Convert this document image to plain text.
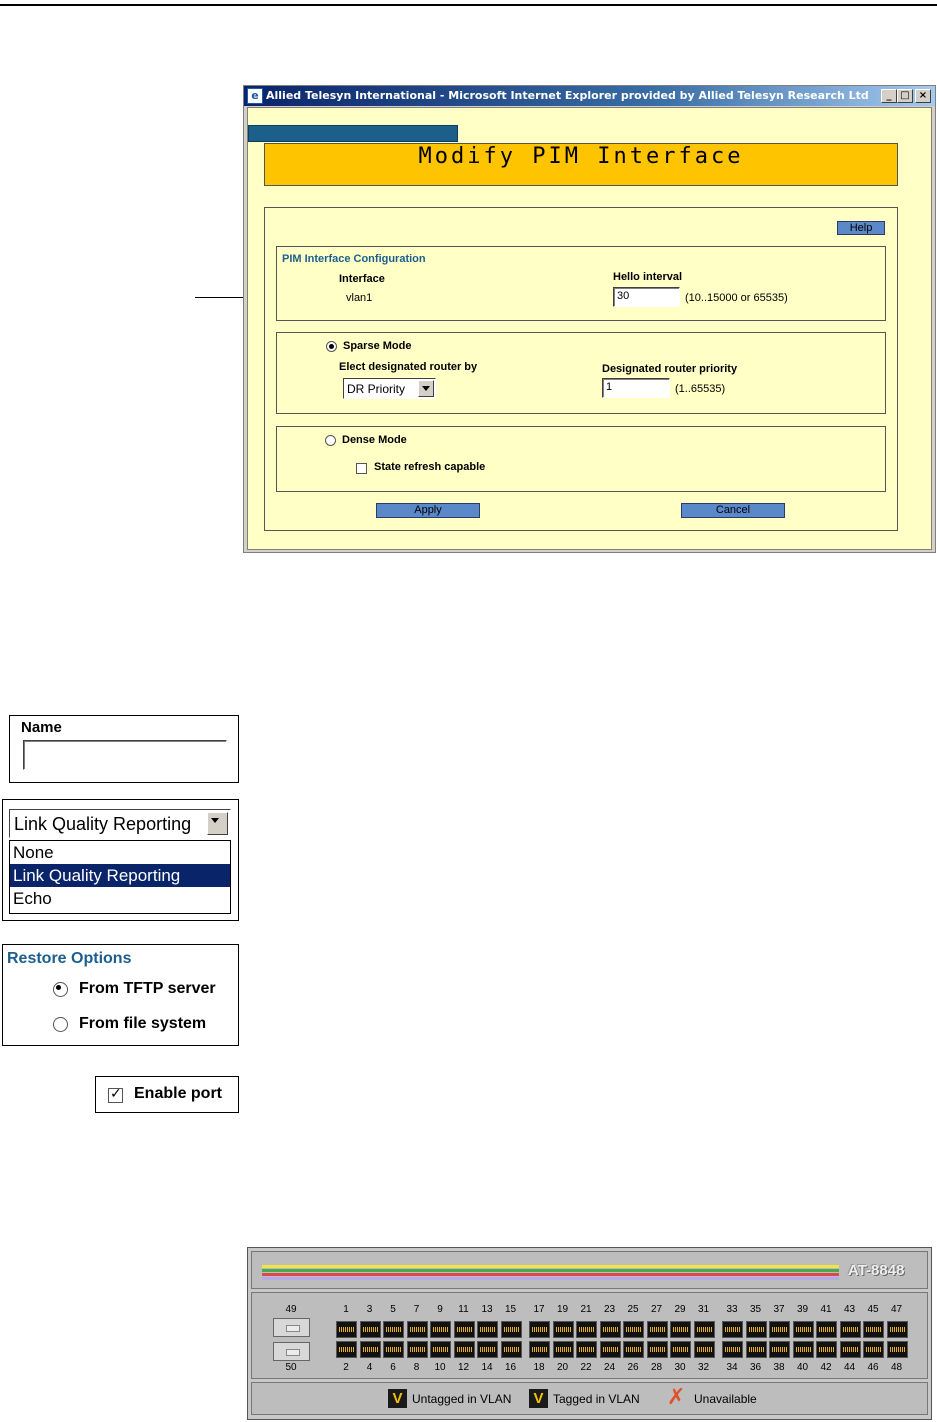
e Allied Telesyn International - Microsoft Internet Explorer provided by Allied Telesyn Research Ltd	_ □ ×
Modify PIM Interface
Help
PIM Interface Configuration
Interface
vlan1
Hello interval
30	(10..15000 or 65535)
Sparse Mode
Elect designated router by
DR Priority
Designated router priority
1	(1..65535)
Dense Mode
State refresh capable
Apply	Cancel
Name
Link Quality Reporting
None
Link Quality Reporting
Echo
Restore Options
From TFTP server
From file system
✓ Enable port
AT-8848
49
50
1
2
3
4
5
6
7
8
9
10
11
12
13
14
15
16
17
18
19
20
21
22
23
24
25
26
27
28
29
30
31
32
33
34
35
36
37
38
39
40
41
42
43
44
45
46
47
48
V Untagged in VLAN V Tagged in VLAN ✗ Unavailable
